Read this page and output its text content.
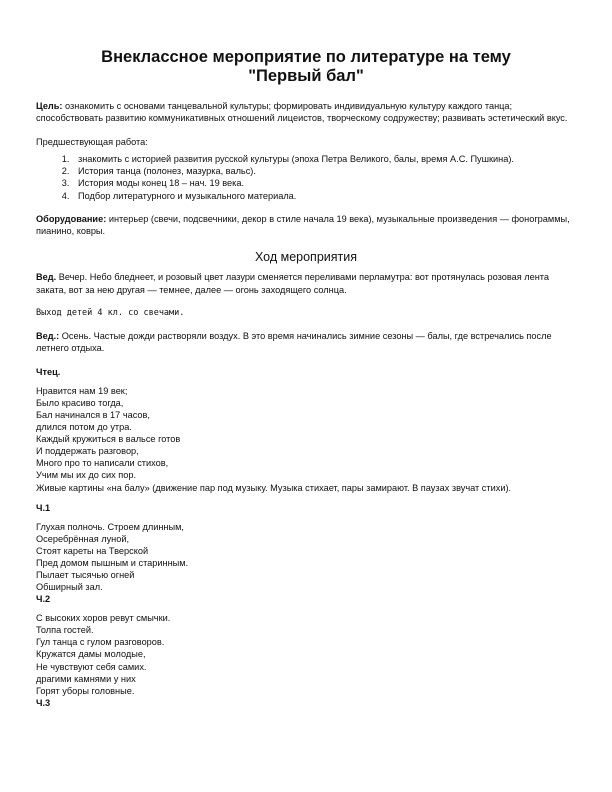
Внеклассное мероприятие по литературе на тему
"Первый бал"

Цель: ознакомить с основами танцевальной культуры; формировать индивидуальную культуру каждого танца; способствовать развитию коммуникативных отношений лицеистов, творческому содружеству; развивать эстетический вкус.

Предшествующая работа:

1. знакомить с историей развития русской культуры (эпоха Петра Великого, балы, время А.С. Пушкина).
2. История танца (полонез, мазурка, вальс).
3. История моды конец 18 – нач. 19 века.
4. Подбор литературного и музыкального материала.

Оборудование: интерьер (свечи, подсвечники, декор в стиле начала 19 века), музыкальные произведения — фонограммы, пианино, ковры.

Ход мероприятия

Вед. Вечер. Небо бледнеет, и розовый цвет лазури сменяется переливами перламутра: вот протянулась розовая лента заката, вот за нею другая — темнее, далее — огонь заходящего солнца.

Выход детей 4 кл. со свечами.

Вед.: Осень. Частые дожди растворяли воздух. В это время начинались зимние сезоны — балы, где встречались после летнего отдыха.

Чтец.
Нравится нам 19 век;
Было красиво тогда,
Бал начинался в 17 часов,
длился потом до утра.
Каждый кружиться в вальсе готов
И поддержать разговор,
Много про то написали стихов,
Учим мы их до сих пор.
Живые картины «на балу» (движение пар под музыку. Музыка стихает, пары замирают. В паузах звучат стихи).
Ч.1
Глухая полночь. Строем длинным,
Осеребрённая луной,
Стоят кареты на Тверской
Пред домом пышным и старинным.
Пылает тысячью огней
Обширный зал.
Ч.2
С высоких хоров ревут смычки.
Толпа гостей.
Гул танца с гулом разговоров.
Кружатся дамы молодые,
Не чувствуют себя самих.
драгими камнями у них
Горят уборы головные.
Ч.3
